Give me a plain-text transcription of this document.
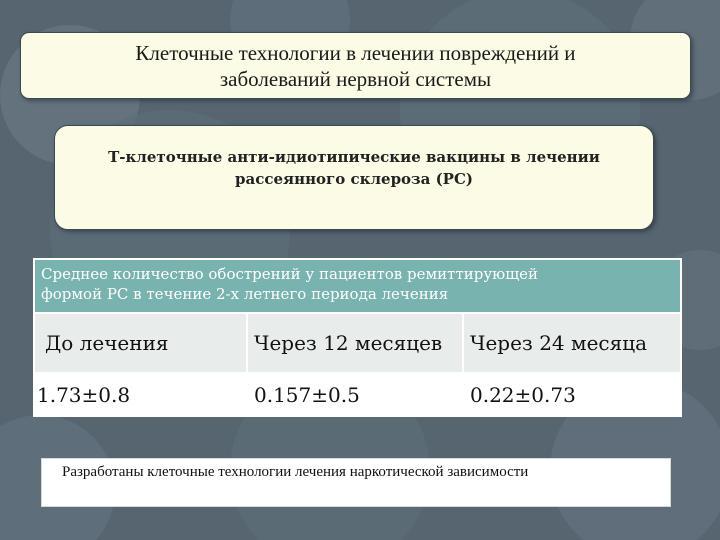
Клеточные технологии в лечении повреждений и
заболеваний нервной системы
Т-клеточные анти-идиотипические вакцины в лечении
рассеянного склероза (РС)
Среднее количество обострений у пациентов ремиттирующей
формой РС в течение 2-х летнего периода лечения		

До лечения	Через 12 месяцев	Через 24 месяца
1.73±0.8	0.157±0.5	0.22±0.73
Разработаны клеточные технологии лечения наркотической зависимости
